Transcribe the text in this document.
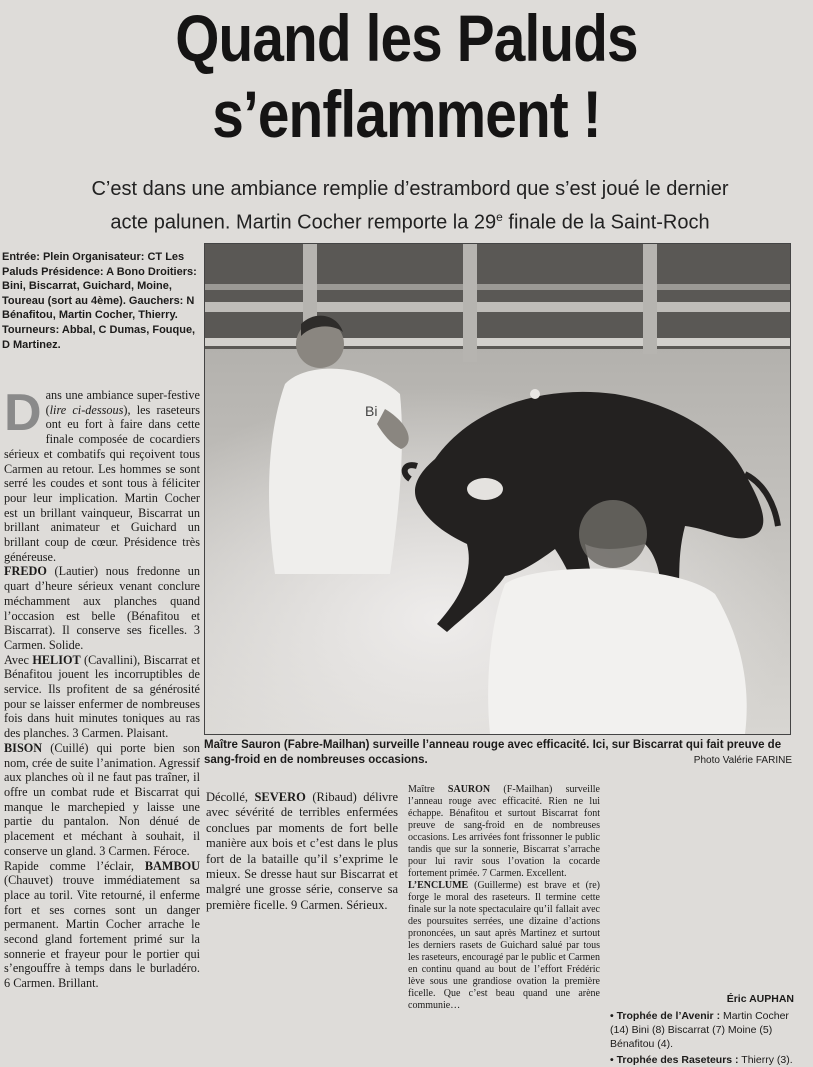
Quand les Paluds
s’enflamment !
C’est dans une ambiance remplie d’estrambord que s’est joué le dernier
acte palunen. Martin Cocher remporte la 29e finale de la Saint-Roch
Entrée: Plein Organisateur: CT Les Paluds Présidence: A Bono Droitiers: Bini, Biscarrat, Guichard, Moine, Toureau (sort au 4ème). Gauchers: N Bénafitou, Martin Cocher, Thierry. Tourneurs: Abbal, C Dumas, Fouque, D Martinez.
Bi
Maître Sauron (Fabre-Mailhan) surveille l’anneau rouge avec efficacité. Ici, sur Biscarrat qui fait preuve de sang-froid en de nombreuses occasions.	Photo Valérie FARINE

Dans une ambiance super-festive (lire ci-dessous), les raseteurs ont eu fort à faire dans cette finale composée de cocardiers sérieux et combatifs qui reçoivent tous Carmen au retour. Les hommes se sont serré les coudes et sont tous à féliciter pour leur implication. Martin Cocher est un brillant vainqueur, Biscarrat un brillant animateur et Guichard un brillant coup de cœur. Présidence très généreuse.

FREDO (Lautier) nous fredonne un quart d’heure sérieux venant conclure méchamment aux planches quand l’occasion est belle (Bénafitou et Biscarrat). Il conserve ses ficelles. 3 Carmen. Solide.

Avec HELIOT (Cavallini), Biscarrat et Bénafitou jouent les incorruptibles de service. Ils profitent de sa générosité pour se laisser enfermer de nombreuses fois dans huit minutes toniques au ras des planches. 3 Carmen. Plaisant.

BISON (Cuillé) qui porte bien son nom, crée de suite l’animation. Agressif aux planches où il ne faut pas traîner, il offre un combat rude et Biscarrat qui manque le marchepied y laisse une partie du pantalon. Non dénué de placement et méchant à souhait, il conserve un gland. 3 Carmen. Féroce.

Rapide comme l’éclair, BAMBOU (Chauvet) trouve immédiatement sa place au toril. Vite retourné, il enferme fort et ses cornes sont un danger permanent. Martin Cocher arrache le second gland fortement primé sur la sonnerie et frayeur pour le portier qui s’engouffre à temps dans le burladéro. 6 Carmen. Brillant.

Décollé, SEVERO (Ribaud) délivre avec sévérité de terribles enfermées conclues par moments de fort belle manière aux bois et c’est dans le plus fort de la bataille qu’il s’exprime le mieux. Se dresse haut sur Biscarrat et malgré une grosse série, conserve sa première ficelle. 9 Carmen. Sérieux.

Maître SAURON (F-Mailhan) surveille l’anneau rouge avec efficacité. Rien ne lui échappe. Bénafitou et surtout Biscarrat font preuve de sang-froid en de nombreuses occasions. Les arrivées font frissonner le public tandis que sur la sonnerie, Biscarrat s’arrache pour lui ravir sous l’ovation la cocarde fortement primée. 7 Carmen. Excellent.

L’ENCLUME (Guillerme) est brave et (re) forge le moral des raseteurs. Il termine cette finale sur la note spectaculaire qu’il fallait avec des poursuites serrées, une dizaine d’actions prononcées, un saut après Martinez et surtout les derniers rasets de Guichard salué par tous les raseteurs, encouragé par le public et Carmen en continu quand au bout de l’effort Frédéric lève sous une grandiose ovation la première ficelle. Que c’est beau quand une arène communie…

Éric AUPHAN
• Trophée de l’Avenir : Martin Cocher (14) Bini (8) Biscarrat (7) Moine (5) Bénafitou (4).
• Trophée des Raseteurs : Thierry (3).
